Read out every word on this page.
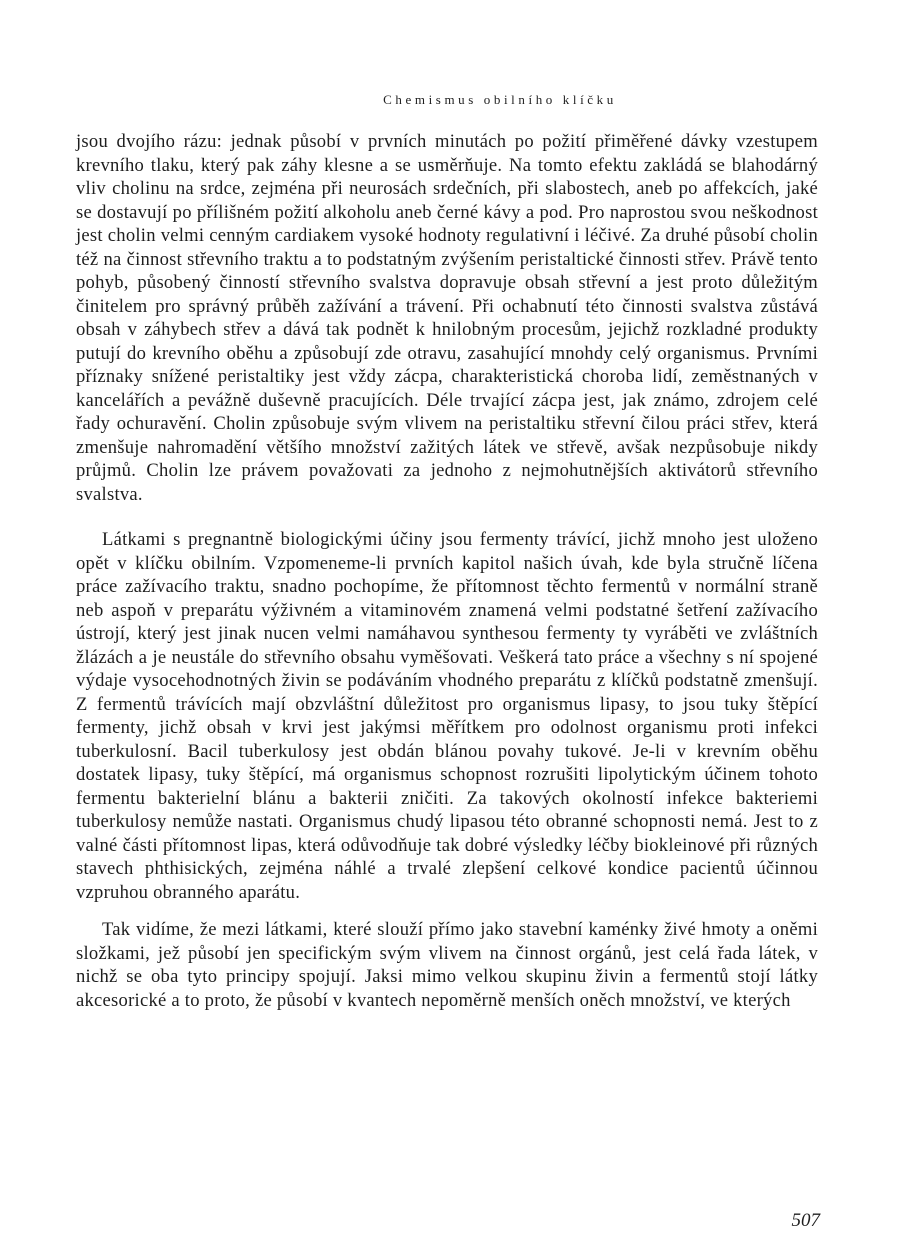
Chemismus obilního klíčku

jsou dvojího rázu: jednak působí v prvních minutách po požití přiměřené dávky vzestupem krevního tlaku, který pak záhy klesne a se usměrňuje. Na tomto efektu zakládá se blahodárný vliv cholinu na srdce, zejména při neurosách srdečních, při slabostech, aneb po affekcích, jaké se dostavují po přílišném požití alkoholu aneb černé kávy a pod. Pro naprostou svou neškodnost jest cholin velmi cenným cardiakem vysoké hodnoty regulativní i léčivé. Za druhé působí cholin též na činnost střevního traktu a to podstatným zvýšením peristaltické činnosti střev. Právě tento pohyb, působený činností střevního svalstva dopravuje obsah střevní a jest proto důležitým činitelem pro správný průběh zažívání a trávení. Při ochabnutí této činnosti svalstva zůstává obsah v záhybech střev a dává tak podnět k hnilobným procesům, jejichž rozkladné produkty putují do krevního oběhu a způsobují zde otravu, zasahující mnohdy celý organismus. Prvními příznaky snížené peristaltiky jest vždy zácpa, charakteristická choroba lidí, zeměstnaných v kancelářích a pevážně duševně pracujících. Déle trvající zácpa jest, jak známo, zdrojem celé řady ochuravění. Cholin způsobuje svým vlivem na peristaltiku střevní čilou práci střev, která zmenšuje nahromadění většího množství zažitých látek ve střevě, avšak nezpůsobuje nikdy průjmů. Cholin lze právem považovati za jednoho z nejmohutnějších aktivátorů střevního svalstva.

Látkami s pregnantně biologickými účiny jsou fermenty trávící, jichž mnoho jest uloženo opět v klíčku obilním. Vzpomeneme-li prvních kapitol našich úvah, kde byla stručně líčena práce zažívacího traktu, snadno pochopíme, že přítomnost těchto fermentů v normální straně neb aspoň v preparátu výživném a vitaminovém znamená velmi podstatné šetření zažívacího ústrojí, který jest jinak nucen velmi namáhavou synthesou fermenty ty vyráběti ve zvláštních žlázách a je neustále do střevního obsahu vyměšovati. Veškerá tato práce a všechny s ní spojené výdaje vysocehodnotných živin se podáváním vhodného preparátu z klíčků podstatně zmenšují. Z fermentů trávících mají obzvláštní důležitost pro organismus lipasy, to jsou tuky štěpící fermenty, jichž obsah v krvi jest jakýmsi měřítkem pro odolnost organismu proti infekci tuberkulosní. Bacil tuberkulosy jest obdán blánou povahy tukové. Je-li v krevním oběhu dostatek lipasy, tuky štěpící, má organismus schopnost rozrušiti lipolytickým účinem tohoto fermentu bakterielní blánu a bakterii zničiti. Za takových okolností infekce bakteriemi tuberkulosy nemůže nastati. Organismus chudý lipasou této obranné schopnosti nemá. Jest to z valné části přítomnost lipas, která odůvodňuje tak dobré výsledky léčby biokleinové při různých stavech phthisických, zejména náhlé a trvalé zlepšení celkové kondice pacientů účinnou vzpruhou obranného aparátu.

Tak vidíme, že mezi látkami, které slouží přímo jako stavební kaménky živé hmoty a oněmi složkami, jež působí jen specifickým svým vlivem na činnost orgánů, jest celá řada látek, v nichž se oba tyto principy spojují. Jaksi mimo velkou skupinu živin a fermentů stojí látky akcesorické a to proto, že působí v kvantech nepoměrně menších oněch množství, ve kterých

507
